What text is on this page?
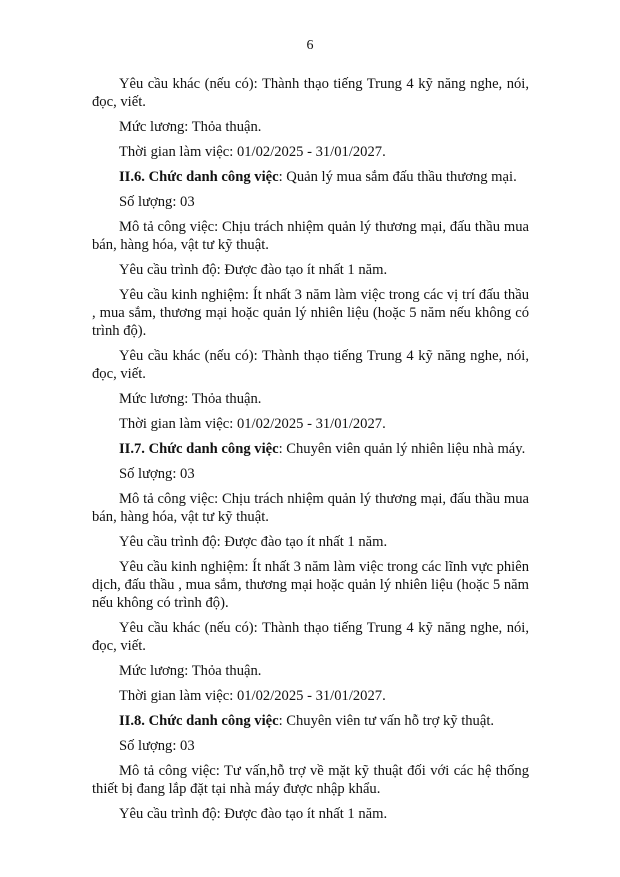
6

Yêu cầu khác (nếu có): Thành thạo tiếng Trung 4 kỹ năng nghe, nói, đọc, viết.

Mức lương: Thỏa thuận.

Thời gian làm việc: 01/02/2025 - 31/01/2027.

II.6. Chức danh công việc: Quản lý mua sắm đấu thầu thương mại.

Số lượng: 03

Mô tả công việc: Chịu trách nhiệm quản lý thương mại, đấu thầu mua bán, hàng hóa, vật tư kỹ thuật.

Yêu cầu trình độ: Được đào tạo ít nhất 1 năm.

Yêu cầu kinh nghiệm: Ít nhất 3 năm làm việc trong các vị trí đấu thầu , mua sắm, thương mại hoặc quản lý nhiên liệu (hoặc 5 năm nếu không có trình độ).

Yêu cầu khác (nếu có): Thành thạo tiếng Trung 4 kỹ năng nghe, nói, đọc, viết.

Mức lương: Thỏa thuận.

Thời gian làm việc: 01/02/2025 - 31/01/2027.

II.7. Chức danh công việc: Chuyên viên quản lý nhiên liệu nhà máy.

Số lượng: 03

Mô tả công việc: Chịu trách nhiệm quản lý thương mại, đấu thầu mua bán, hàng hóa, vật tư kỹ thuật.

Yêu cầu trình độ: Được đào tạo ít nhất 1 năm.

Yêu cầu kinh nghiệm: Ít nhất 3 năm làm việc trong các lĩnh vực phiên dịch, đấu thầu , mua sắm, thương mại hoặc quản lý nhiên liệu (hoặc 5 năm nếu không có trình độ).

Yêu cầu khác (nếu có): Thành thạo tiếng Trung 4 kỹ năng nghe, nói, đọc, viết.

Mức lương: Thỏa thuận.

Thời gian làm việc: 01/02/2025 - 31/01/2027.

II.8. Chức danh công việc: Chuyên viên tư vấn hỗ trợ kỹ thuật.

Số lượng: 03

Mô tả công việc: Tư vấn,hỗ trợ về mặt kỹ thuật đối với các hệ thống thiết bị đang lắp đặt tại nhà máy được nhập khẩu.

Yêu cầu trình độ: Được đào tạo ít nhất 1 năm.
